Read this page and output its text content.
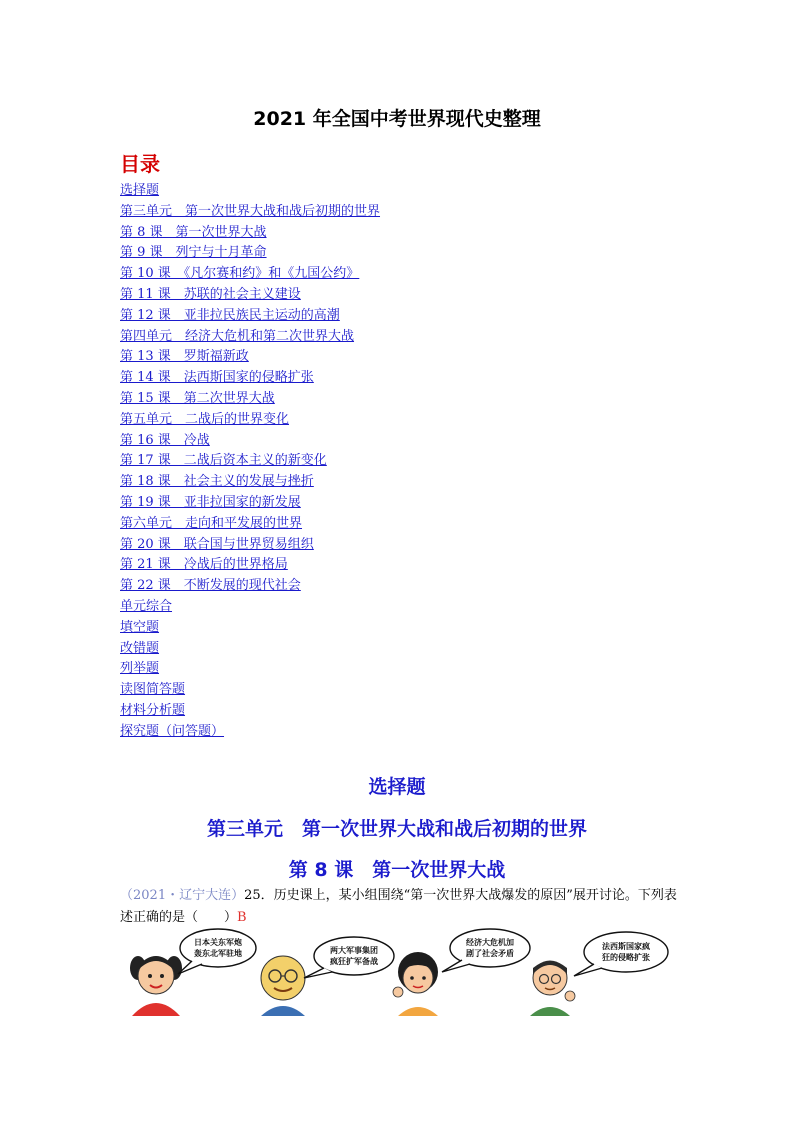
2021 年全国中考世界现代史整理
目录
选择题
第三单元　第一次世界大战和战后初期的世界
第 8 课　第一次世界大战
第 9 课　列宁与十月革命
第 10 课　《凡尔赛和约》和《九国公约》
第 11 课　苏联的社会主义建设
第 12 课　亚非拉民族民主运动的高潮
第四单元　经济大危机和第二次世界大战
第 13 课　罗斯福新政
第 14 课　法西斯国家的侵略扩张
第 15 课　第二次世界大战
第五单元　二战后的世界变化
第 16 课　冷战
第 17 课　二战后资本主义的新变化
第 18 课　社会主义的发展与挫折
第 19 课　亚非拉国家的新发展
第六单元　走向和平发展的世界
第 20 课　联合国与世界贸易组织
第 21 课　冷战后的世界格局
第 22 课　不断发展的现代社会
单元综合
填空题
改错题
列举题
读图简答题
材料分析题
探究题（问答题）
选择题
第三单元　第一次世界大战和战后初期的世界
第 8 课　第一次世界大战
（2021・辽宁大连）25．历史课上，某小组围绕“第一次世界大战爆发的原因”展开讨论。下列表述正确的是（　　）B
日本关东军炮
轰东北军驻地	两大军事集团
疯狂扩军备战
经济大危机加
剧了社会矛盾
法西斯国家疯
狂的侵略扩张
